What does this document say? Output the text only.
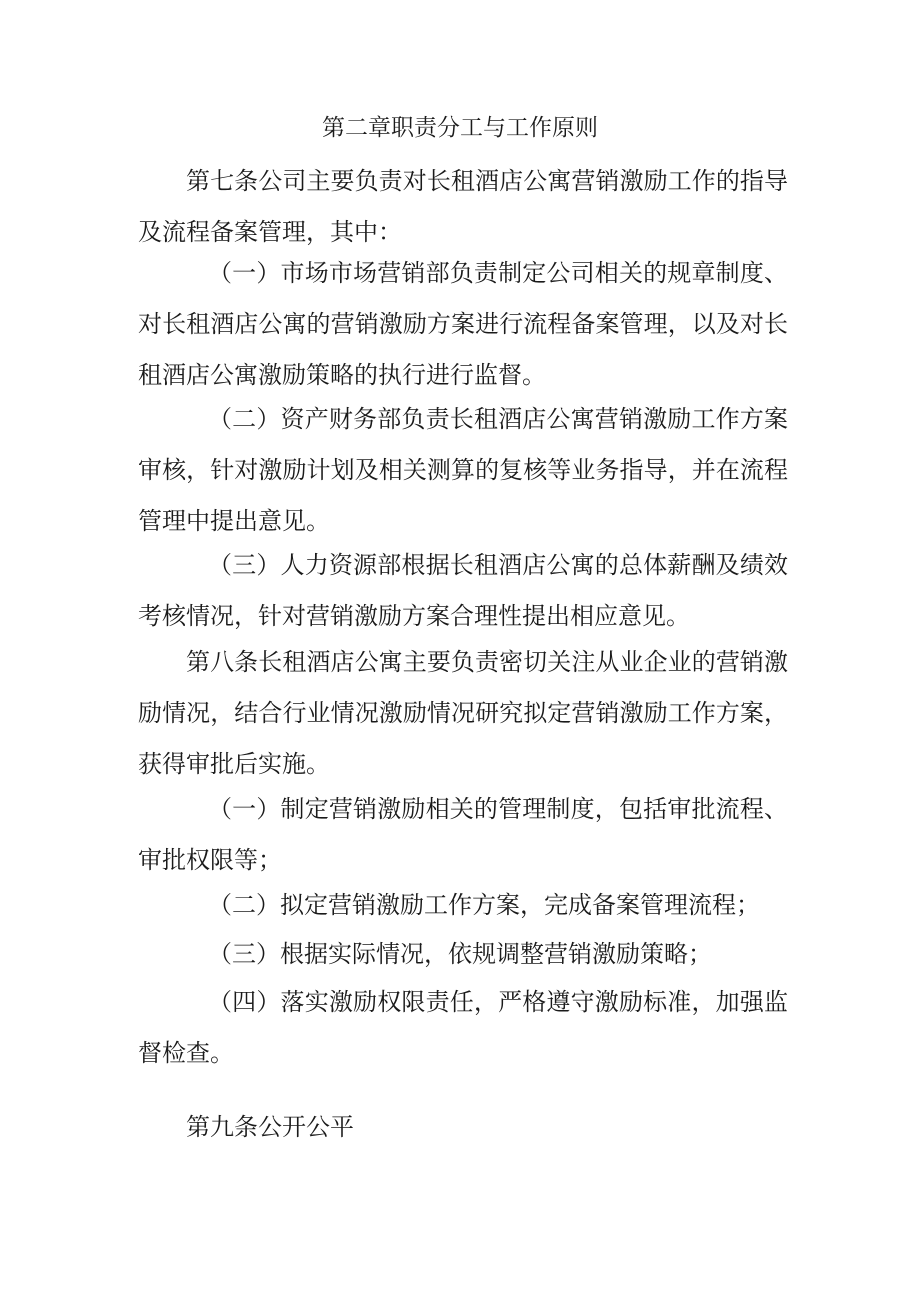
第二章职责分工与工作原则

第七条公司主要负责对长租酒店公寓营销激励工作的指导及流程备案管理，其中：

（一）市场市场营销部负责制定公司相关的规章制度、对长租酒店公寓的营销激励方案进行流程备案管理，以及对长租酒店公寓激励策略的执行进行监督。

（二）资产财务部负责长租酒店公寓营销激励工作方案审核，针对激励计划及相关测算的复核等业务指导，并在流程管理中提出意见。

（三）人力资源部根据长租酒店公寓的总体薪酬及绩效考核情况，针对营销激励方案合理性提出相应意见。

第八条长租酒店公寓主要负责密切关注从业企业的营销激励情况，结合行业情况激励情况研究拟定营销激励工作方案，获得审批后实施。

（一）制定营销激励相关的管理制度，包括审批流程、审批权限等；

（二）拟定营销激励工作方案，完成备案管理流程；

（三）根据实际情况，依规调整营销激励策略；

（四）落实激励权限责任，严格遵守激励标准，加强监督检查。

第九条公开公平
